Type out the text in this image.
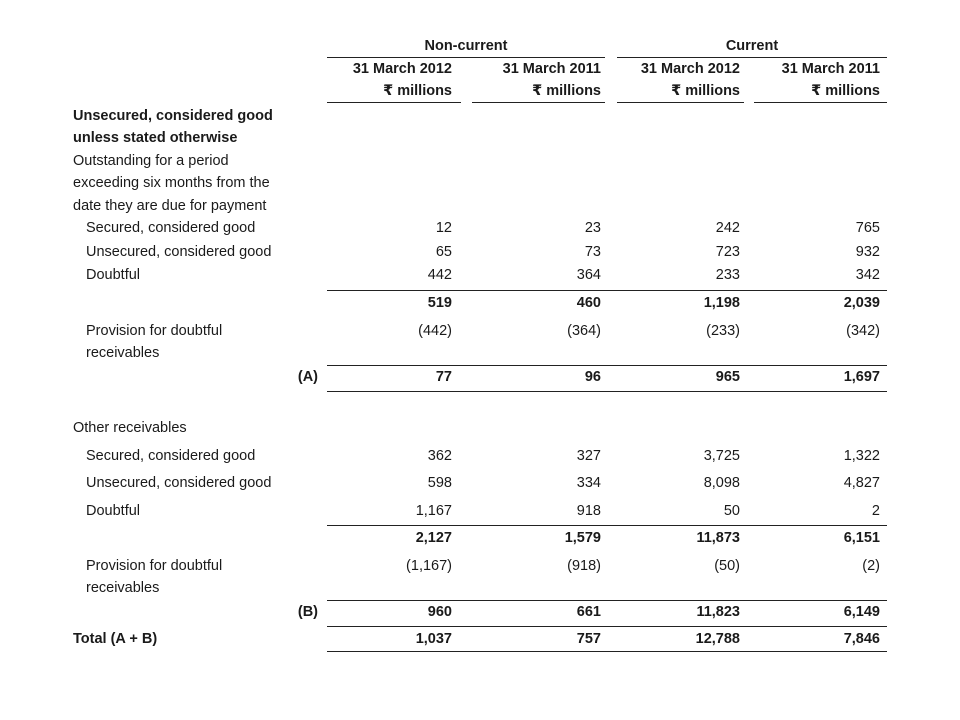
Non-current	Current
31 March 2012	31 March 2011	31 March 2012	31 March 2011
₹ millions	₹ millions	₹ millions	₹ millions
Unsecured, considered good
unless stated otherwise
Outstanding for a period
exceeding six months from the
date they are due for payment
Secured, considered good	12	23	242	765
Unsecured, considered good	65	73	723	932
Doubtful	442	364	233	342
519	460	1,198	2,039
Provision for doubtful
receivables
(442)	(364)	(233)	(342)
(A)	77	96	965	1,697
Other receivables
Secured, considered good	362	327	3,725	1,322
Unsecured, considered good	598	334	8,098	4,827
Doubtful	1,167	918	50	2
2,127	1,579	11,873	6,151
Provision for doubtful
receivables
(1,167)	(918)	(50)	(2)
(B)	960	661	11,823	6,149
Total (A + B)	1,037	757	12,788	7,846
